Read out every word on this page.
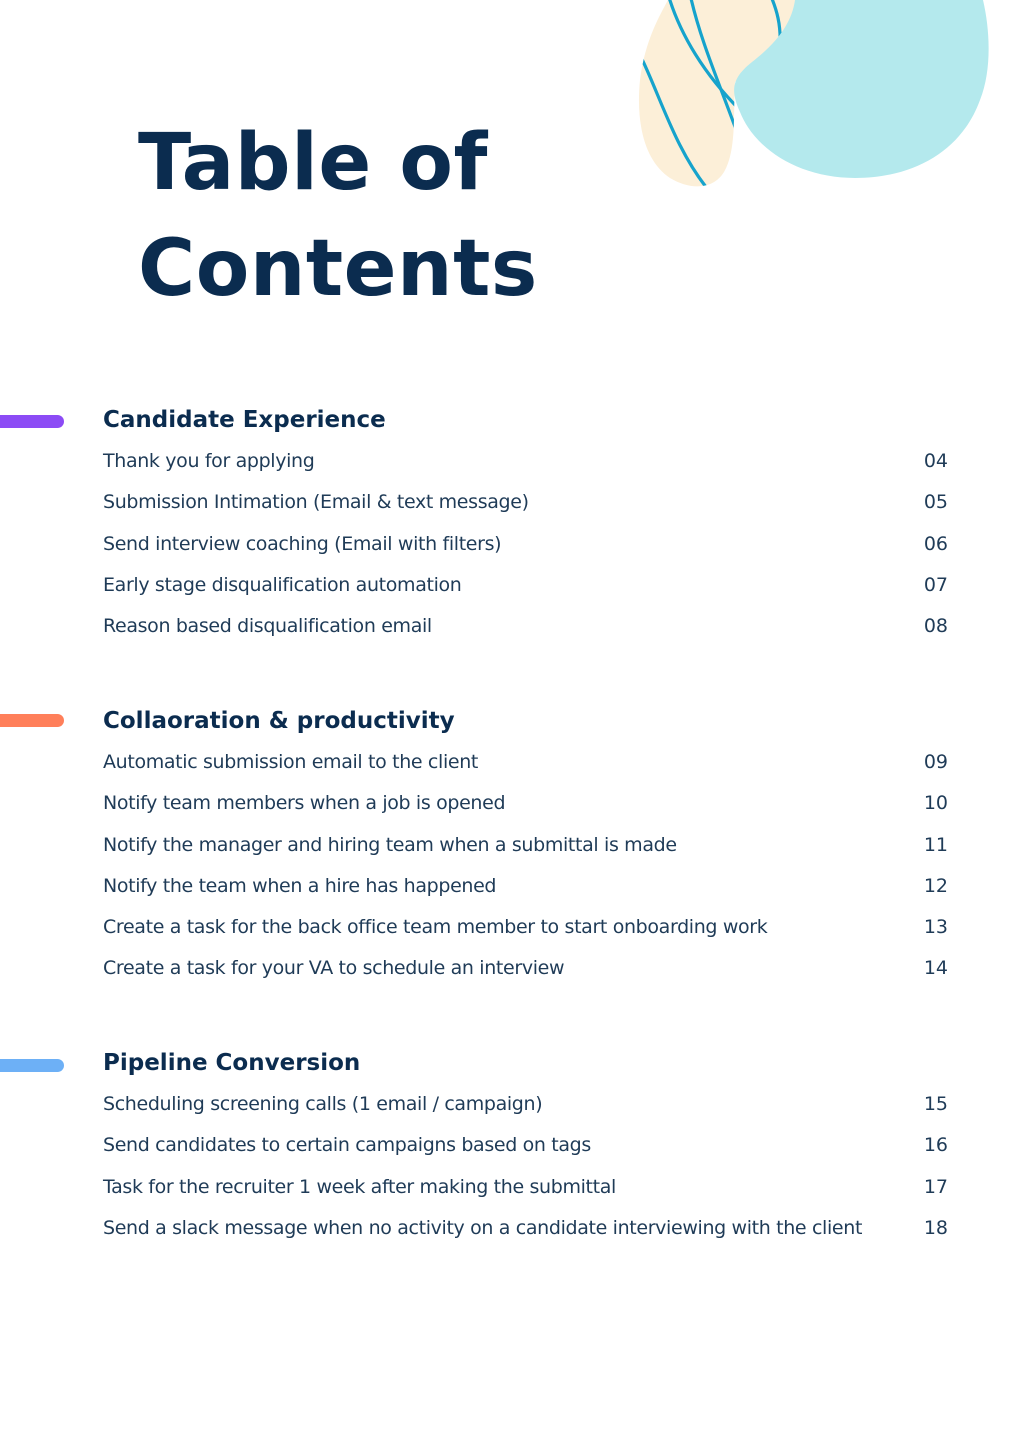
Table of
Contents
Candidate Experience
Thank you for applying	04
Submission Intimation (Email & text message)	05
Send interview coaching (Email with filters)	06
Early stage disqualification automation	07
Reason based disqualification email	08
Collaoration & productivity
Automatic submission email to the client	09
Notify team members when a job is opened	10
Notify the manager and hiring team when a submittal is made	11
Notify the team when a hire has happened	12
Create a task for the back office team member to start onboarding work	13
Create a task for your VA to schedule an interview	14
Pipeline Conversion
Scheduling screening calls (1 email / campaign)	15
Send candidates to certain campaigns based on tags	16
Task for the recruiter 1 week after making the submittal	17
Send a slack message when no activity on a candidate interviewing with the client	18
